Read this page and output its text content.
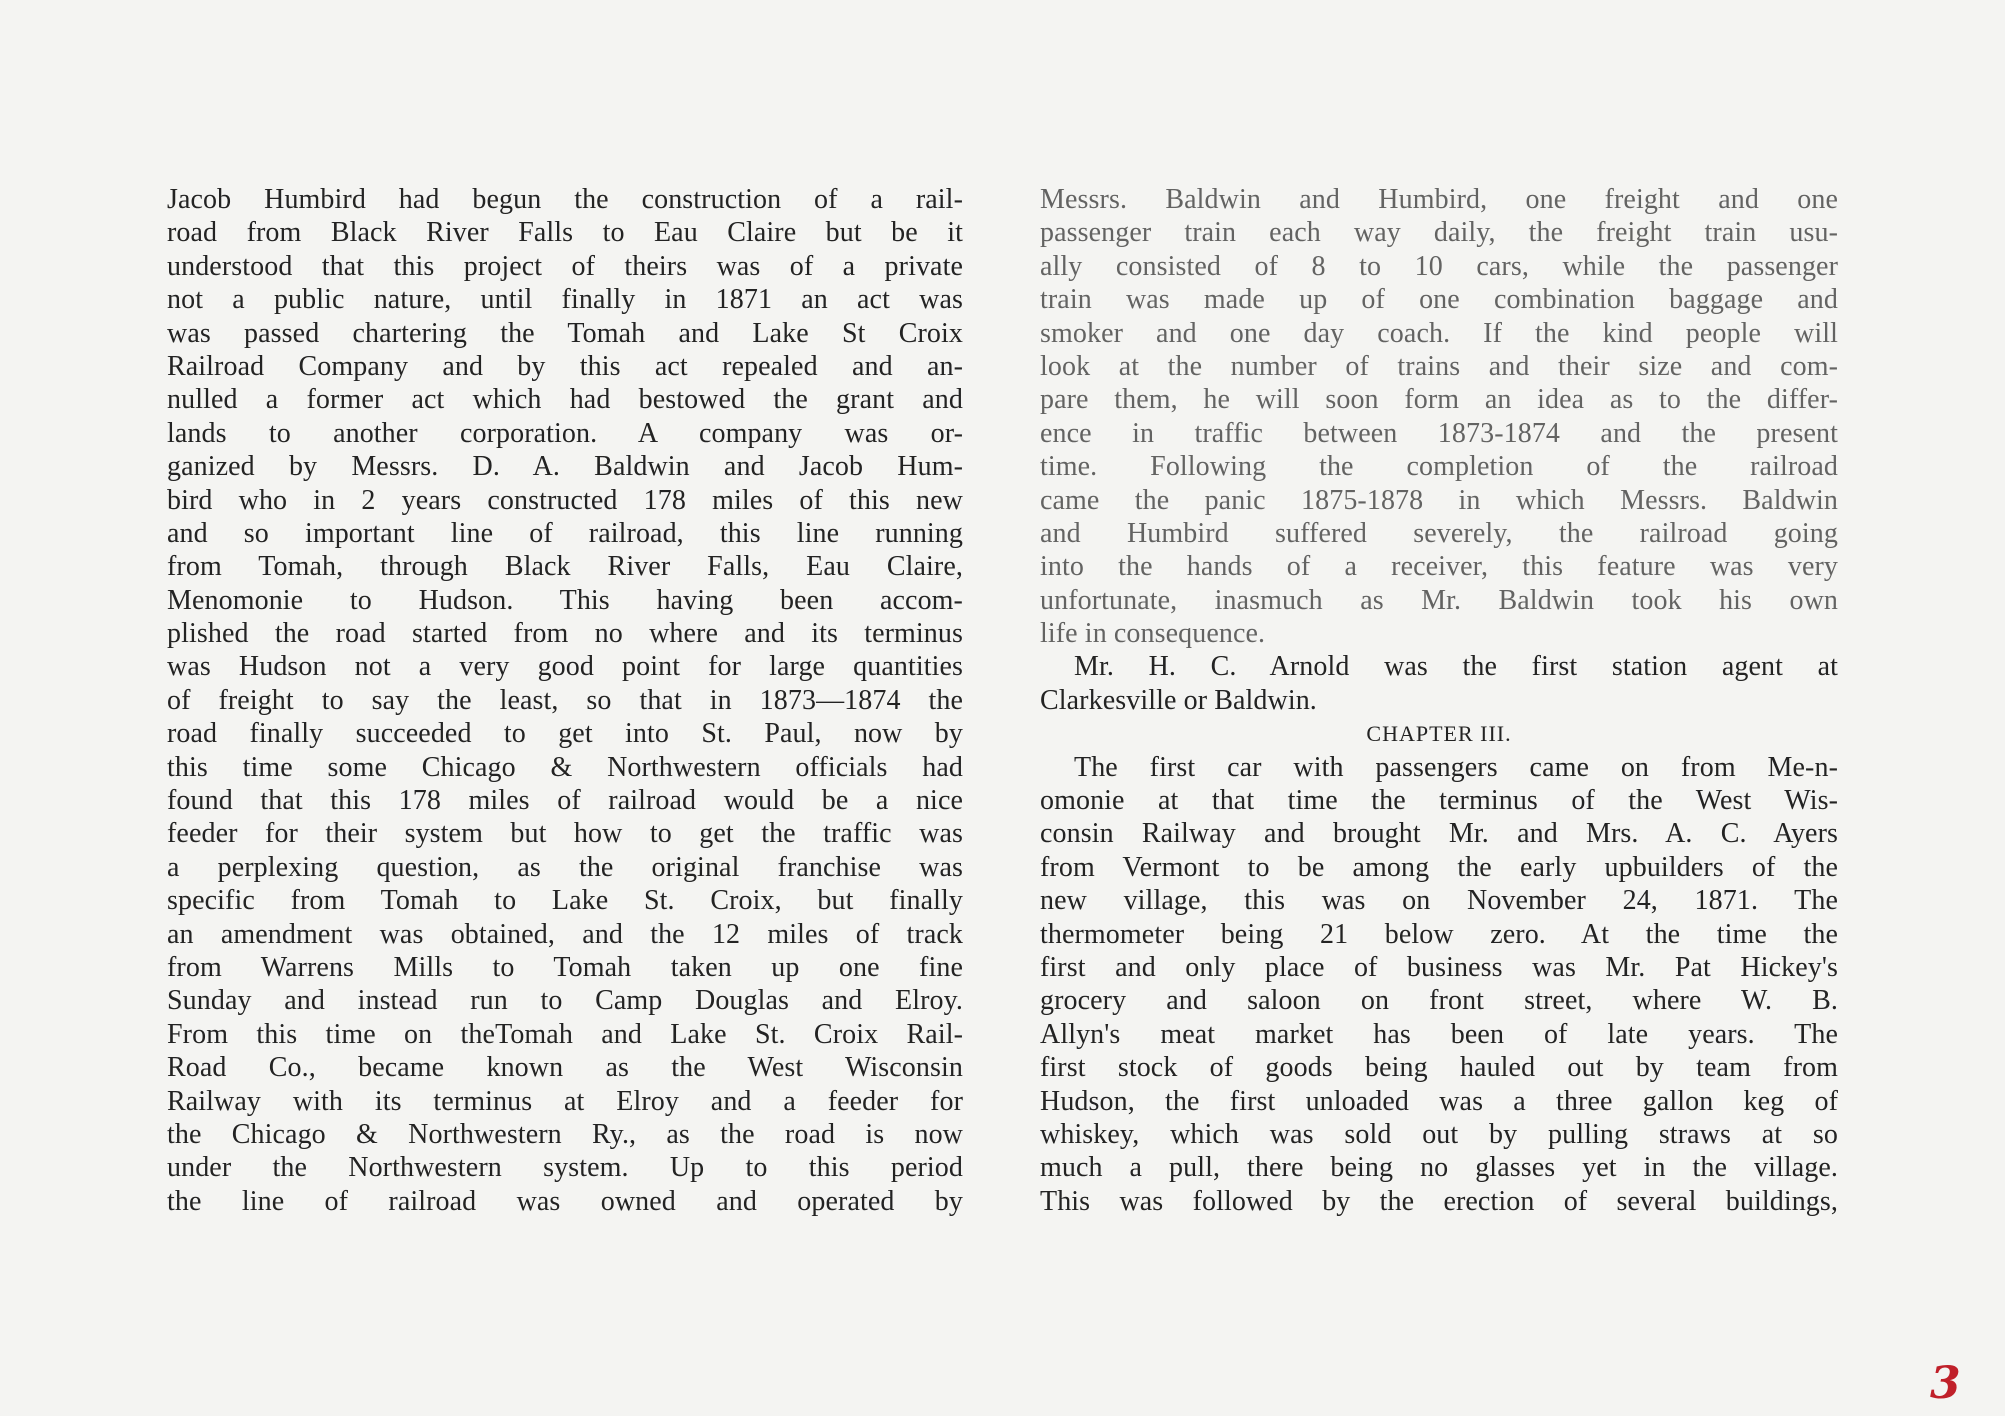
Jacob Humbird had begun the construction of a rail-
road from Black River Falls to Eau Claire but be it
understood that this project of theirs was of a private
not a public nature, until finally in 1871 an act was
was passed chartering the Tomah and Lake St Croix
Railroad Company and by this act repealed and an-
nulled a former act which had bestowed the grant and
lands to another corporation. A company was or-
ganized by Messrs. D. A. Baldwin and Jacob Hum-
bird who in 2 years constructed 178 miles of this new
and so important line of railroad, this line running
from Tomah, through Black River Falls, Eau Claire,
Menomonie to Hudson. This having been accom-
plished the road started from no where and its terminus
was Hudson not a very good point for large quantities
of freight to say the least, so that in 1873—1874 the
road finally succeeded to get into St. Paul, now by
this time some Chicago & Northwestern officials had
found that this 178 miles of railroad would be a nice
feeder for their system but how to get the traffic was
a perplexing question, as the original franchise was
specific from Tomah to Lake St. Croix, but finally
an amendment was obtained, and the 12 miles of track
from Warrens Mills to Tomah taken up one fine
Sunday and instead run to Camp Douglas and Elroy.
From this time on theTomah and Lake St. Croix Rail-
Road Co., became known as the West Wisconsin
Railway with its terminus at Elroy and a feeder for
the Chicago & Northwestern Ry., as the road is now
under the Northwestern system. Up to this period
the line of railroad was owned and operated by
Messrs. Baldwin and Humbird, one freight and one
passenger train each way daily, the freight train usu-
ally consisted of 8 to 10 cars, while the passenger
train was made up of one combination baggage and
smoker and one day coach. If the kind people will
look at the number of trains and their size and com-
pare them, he will soon form an idea as to the differ-
ence in traffic between 1873-1874 and the present
time. Following the completion of the railroad
came the panic 1875-1878 in which Messrs. Baldwin
and Humbird suffered severely, the railroad going
into the hands of a receiver, this feature was very
unfortunate, inasmuch as Mr. Baldwin took his own
life in consequence.
Mr. H. C. Arnold was the first station agent at
Clarkesville or Baldwin.
CHAPTER III.
The first car with passengers came on from Me-n-
omonie at that time the terminus of the West Wis-
consin Railway and brought Mr. and Mrs. A. C. Ayers
from Vermont to be among the early upbuilders of the
new village, this was on November 24, 1871. The
thermometer being 21 below zero. At the time the
first and only place of business was Mr. Pat Hickey's
grocery and saloon on front street, where W. B.
Allyn's meat market has been of late years. The
first stock of goods being hauled out by team from
Hudson, the first unloaded was a three gallon keg of
whiskey, which was sold out by pulling straws at so
much a pull, there being no glasses yet in the village.
This was followed by the erection of several buildings,
3
